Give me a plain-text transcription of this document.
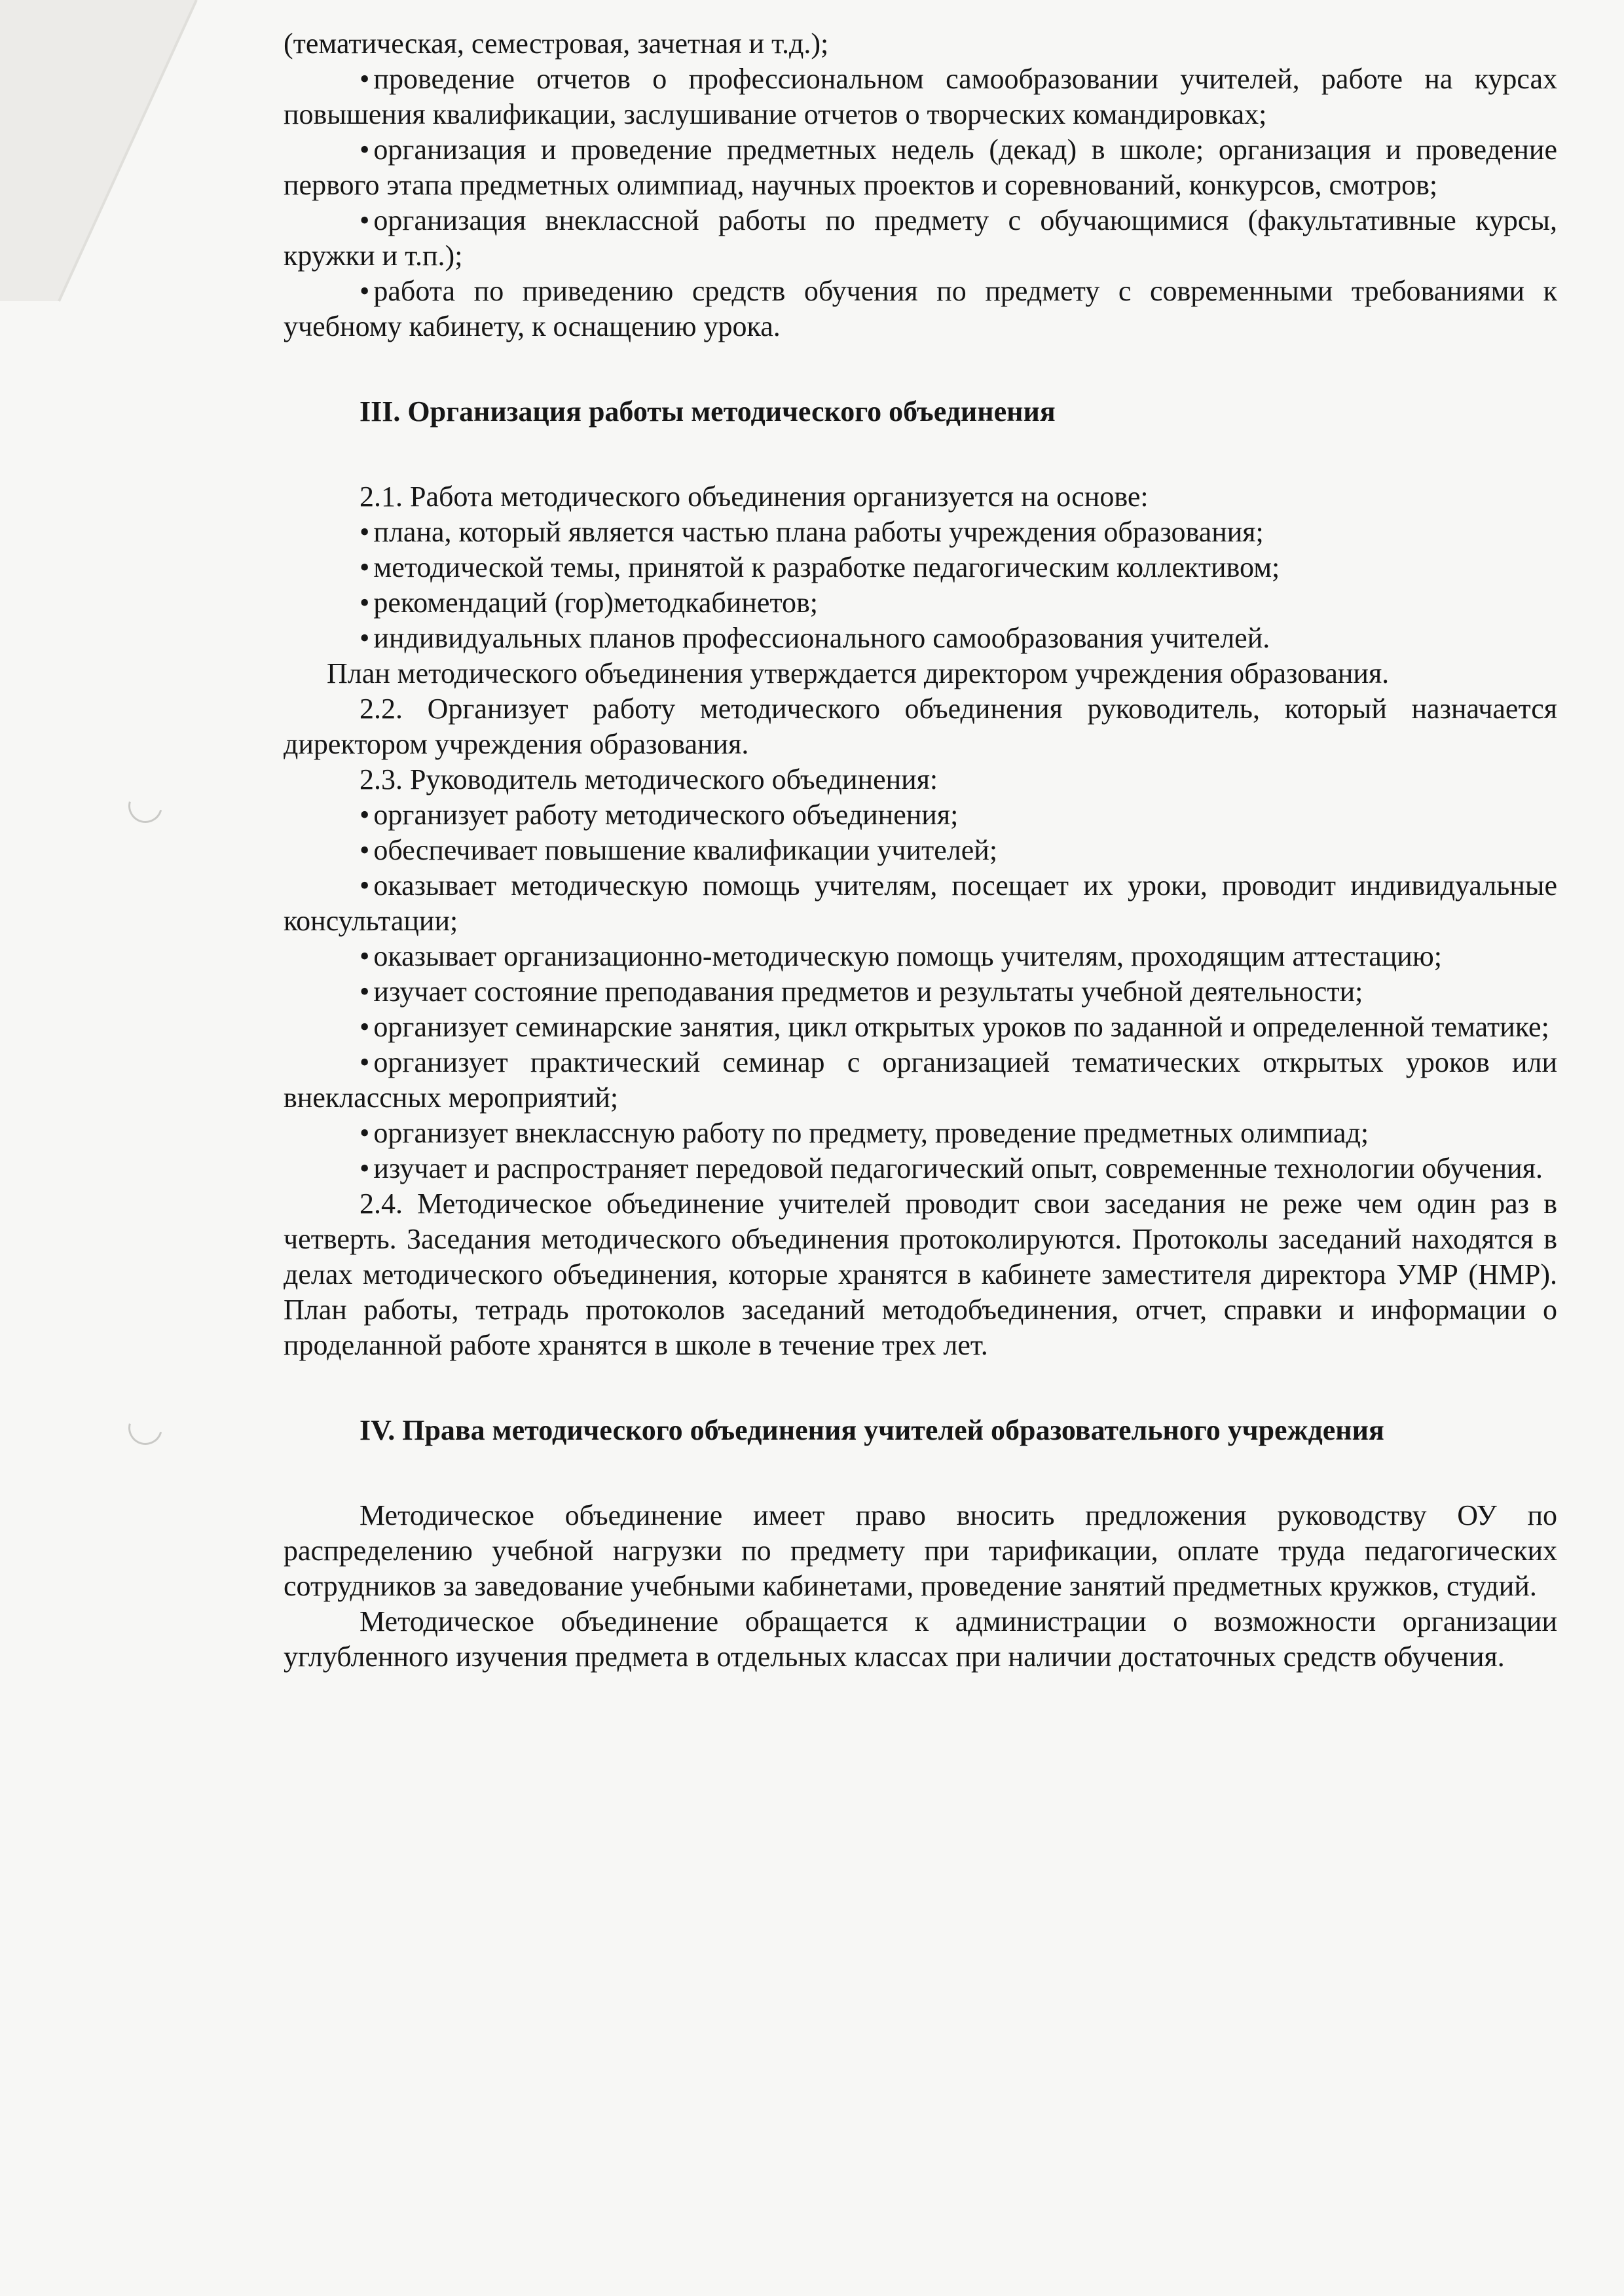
(тематическая, семестровая, зачетная и т.д.);

• проведение отчетов о профессиональном самообразовании учителей, работе на курсах повышения квалификации, заслушивание отчетов о творческих командировках;

• организация и проведение предметных недель (декад) в школе; организация и проведение первого этапа предметных олимпиад, научных проектов и соревнований, конкурсов, смотров;

• организация внеклассной работы по предмету с обучающимися (факультативные курсы, кружки и т.п.);

• работа по приведению средств обучения по предмету с современными требованиями к учебному кабинету, к оснащению урока.

III. Организация работы методического объединения

2.1. Работа методического объединения организуется на основе:

• плана, который является частью плана работы учреждения образования;

• методической темы, принятой к разработке педагогическим коллективом;

• рекомендаций (гор)методкабинетов;

• индивидуальных планов профессионального самообразования учителей.

План методического объединения утверждается директором учреждения образования.

2.2. Организует работу методического объединения руководитель, который назначается директором учреждения образования.

2.3. Руководитель методического объединения:

• организует работу методического объединения;

• обеспечивает повышение квалификации учителей;

• оказывает методическую помощь учителям, посещает их уроки, проводит индивидуальные консультации;

• оказывает организационно-методическую помощь учителям, проходящим аттестацию;

• изучает состояние преподавания предметов и результаты учебной деятельности;

• организует семинарские занятия, цикл открытых уроков по заданной и определенной тематике;

• организует практический семинар с организацией тематических открытых уроков или внеклассных мероприятий;

• организует внеклассную работу по предмету, проведение предметных олимпиад;

• изучает и распространяет передовой педагогический опыт, современные технологии обучения.

2.4. Методическое объединение учителей проводит свои заседания не реже чем один раз в четверть. Заседания методического объединения протоколируются. Протоколы заседаний находятся в делах методического объединения, которые хранятся в кабинете заместителя директора УМР (НМР). План работы, тетрадь протоколов заседаний методобъединения, отчет, справки и информации о проделанной работе хранятся в школе в течение трех лет.

IV. Права методического объединения учителей образовательного учреждения

Методическое объединение имеет право вносить предложения руководству ОУ по распределению учебной нагрузки по предмету при тарификации, оплате труда педагогических сотрудников за заведование учебными кабинетами, проведение занятий предметных кружков, студий.

Методическое объединение обращается к администрации о возможности организации углубленного изучения предмета в отдельных классах при наличии достаточных средств обучения.
